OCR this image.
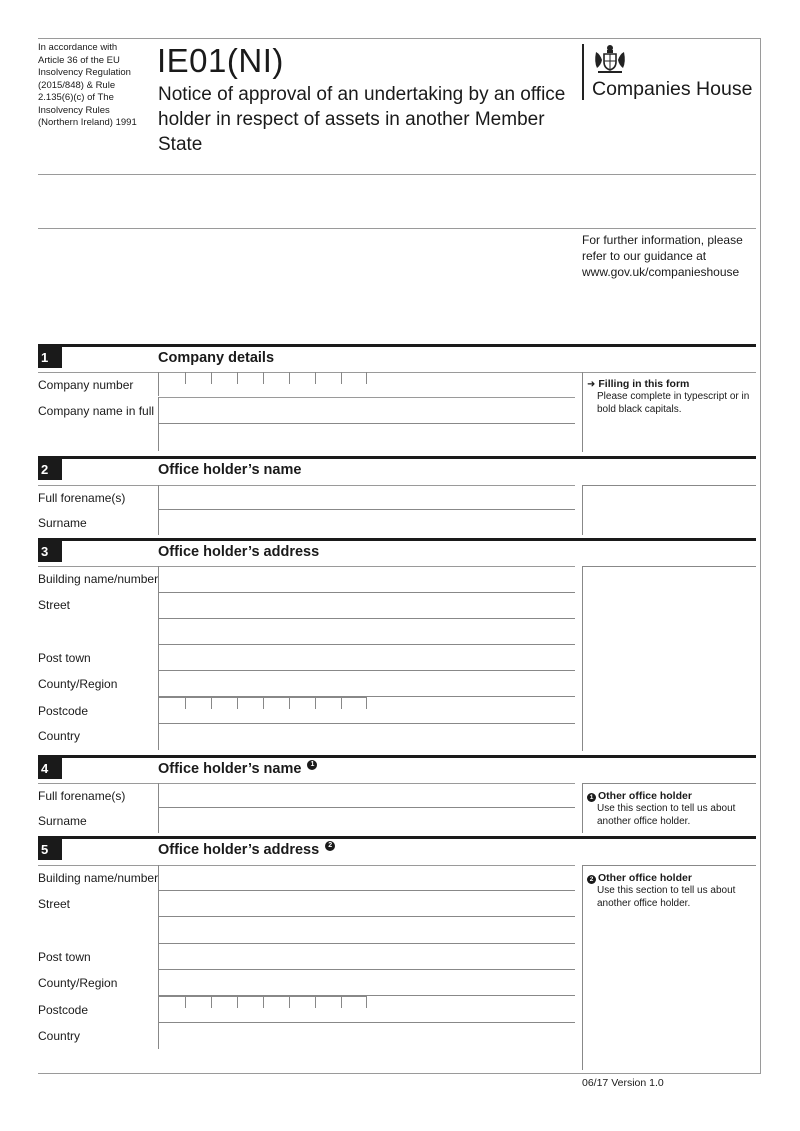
In accordance with
Article 36 of the EU
Insolvency Regulation
(2015/848) & Rule
2.135(6)(c) of The
Insolvency Rules
(Northern Ireland) 1991
IE01(NI)
Notice of approval of an undertaking by an office
holder in respect of assets in another Member State
Companies House
For further information, please
refer to our guidance at
www.gov.uk/companieshouse
1	Company details
Company number
Company name in full
➜ Filling in this form
Please complete in typescript or in
bold black capitals.
2	Office holder’s name
Full forename(s)
Surname
3	Office holder’s address
Building name/number
Street
Post town
County/Region
Postcode
Country
4	Office holder’s name 1
Full forename(s)
Surname
1 Other office holder
Use this section to tell us about
another office holder.
5	Office holder’s address 2
2 Other office holder
Use this section to tell us about
another office holder.
Building name/number
Street
Post town
County/Region
Postcode
Country
06/17 Version 1.0
